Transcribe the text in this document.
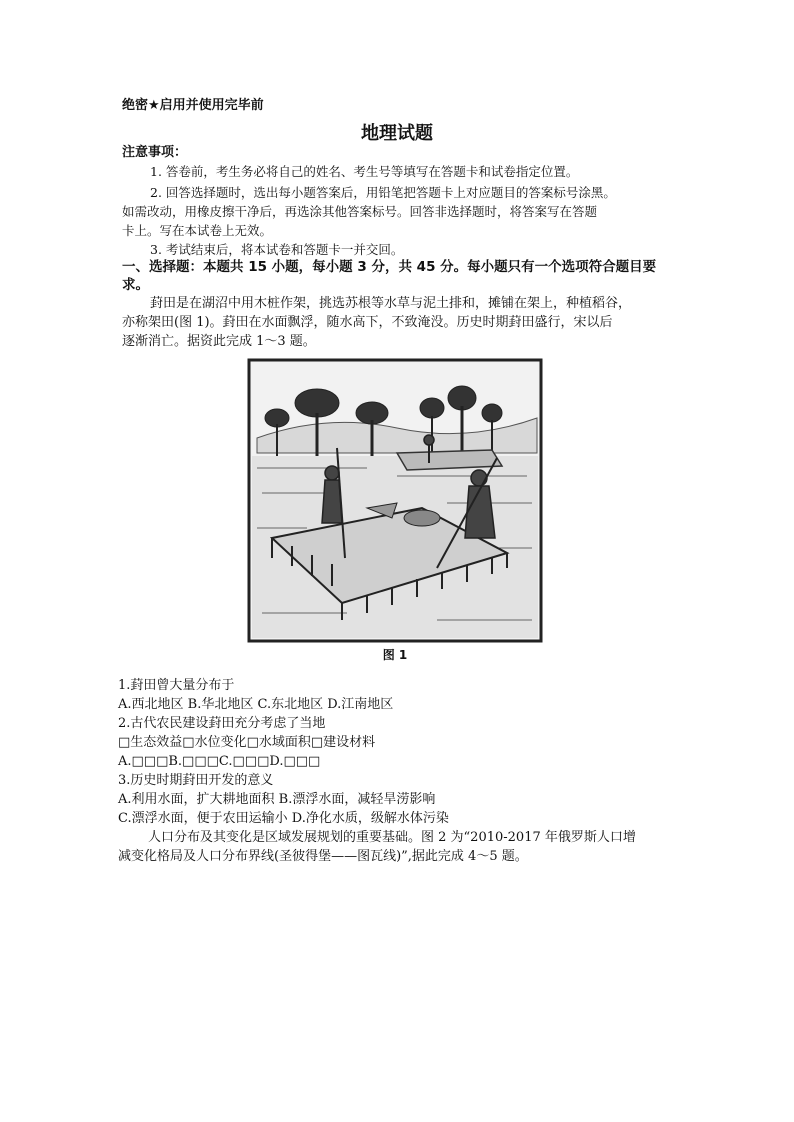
绝密★启用并使用完毕前
地理试题
注意事项：
1. 答卷前，考生务必将自己的姓名、考生号等填写在答题卡和试卷指定位置。
2. 回答选择题时，选出每小题答案后，用铅笔把答题卡上对应题目的答案标号涂黑。
如需改动，用橡皮擦干净后，再选涂其他答案标号。回答非选择题时，将答案写在答题
卡上。写在本试卷上无效。
3. 考试结束后，将本试卷和答题卡一并交回。
一、选择题：本题共 15 小题，每小题 3 分，共 45 分。每小题只有一个选项符合题目要
求。
葑田是在湖沼中用木桩作架，挑选苏根等水草与泥土排和，摊铺在架上，种植稻谷，
亦称架田(图 1)。葑田在水面飘浮，随水高下，不致淹没。历史时期葑田盛行，宋以后
逐渐消亡。据资此完成 1～3 题。
图 1
1.葑田曾大量分布于
A.西北地区 B.华北地区 C.东北地区 D.江南地区
2.古代农民建设葑田充分考虑了当地
□生态效益□水位变化□水域面积□建设材料
A.□□□B.□□□C.□□□D.□□□
3.历史时期葑田开发的意义
A.利用水面，扩大耕地面积 B.漂浮水面，减轻旱涝影响
C.漂浮水面，便于农田运输小 D.净化水质，级解水体污染
人口分布及其变化是区域发展规划的重要基础。图 2 为“2010-2017 年俄罗斯人口增
减变化格局及人口分布界线(圣彼得堡——图瓦线)”,据此完成 4～5 题。
